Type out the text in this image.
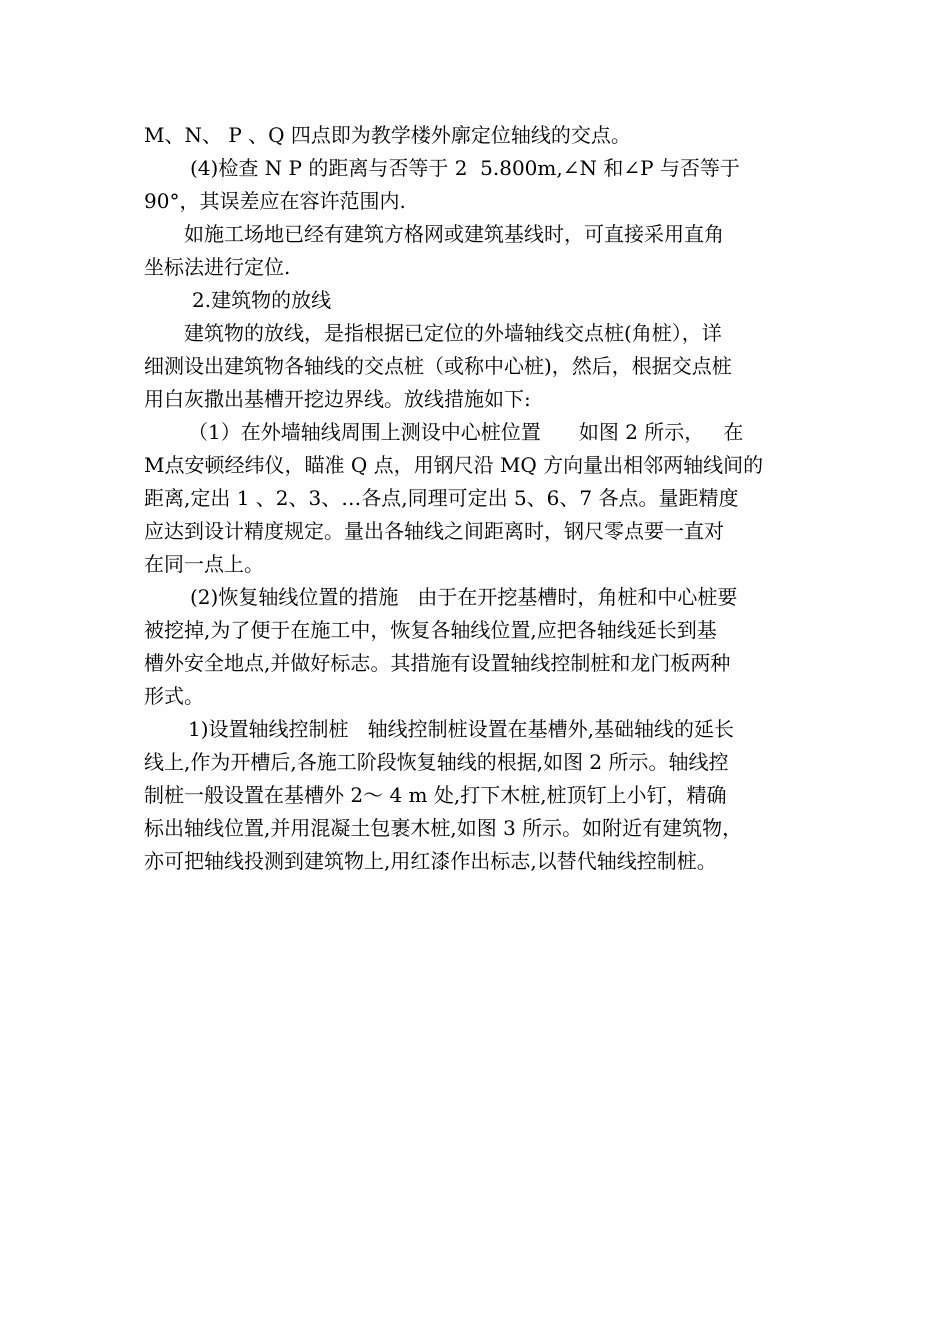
M、N、 P 、Q 四点即为教学楼外廓定位轴线的交点。
(4)检查 N P 的距离与否等于 2  5.800m,∠N 和∠P 与否等于
90°，其误差应在容许范围内.
如施工场地已经有建筑方格网或建筑基线时，可直接采用直角
坐标法进行定位.
2.建筑物的放线
建筑物的放线，是指根据已定位的外墙轴线交点桩(角桩），详
细测设出建筑物各轴线的交点桩（或称中心桩)，然后，根据交点桩
用白灰撒出基槽开挖边界线。放线措施如下:
（1）在外墙轴线周围上测设中心桩位置      如图 2 所示，   在
M点安顿经纬仪，瞄准 Q 点，用钢尺沿 MQ 方向量出相邻两轴线间的
距离,定出 1 、2、3、…各点,同理可定出 5、6、7 各点。量距精度
应达到设计精度规定。量出各轴线之间距离时，钢尺零点要一直对
在同一点上。
(2)恢复轴线位置的措施   由于在开挖基槽时，角桩和中心桩要
被挖掉,为了便于在施工中，恢复各轴线位置,应把各轴线延长到基
槽外安全地点,并做好标志。其措施有设置轴线控制桩和龙门板两种
形式。
1)设置轴线控制桩   轴线控制桩设置在基槽外,基础轴线的延长
线上,作为开槽后,各施工阶段恢复轴线的根据,如图 2 所示。轴线控
制桩一般设置在基槽外 2～ 4 m 处,打下木桩,桩顶钉上小钉，精确
标出轴线位置,并用混凝土包裹木桩,如图 3 所示。如附近有建筑物，
亦可把轴线投测到建筑物上,用红漆作出标志,以替代轴线控制桩。
